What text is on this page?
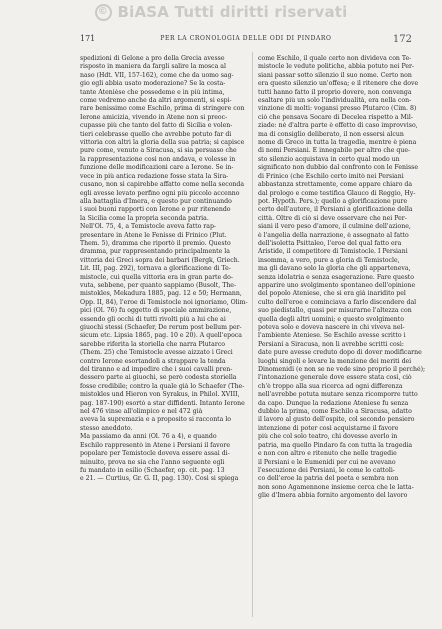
© BiASA Tutti diritti riservati
171	PER LA CRONOLOGIA DELLE ODI DI PINDARO	172
spedizioni di Gelone a pro della Grecia avesse
risposto in maniera da fargli salire la mosca al
naso (Hdt. VII, 157-162), come che da uomo sag-
gio egli abbia usato moderazione? Se la costa-
tante Atenièse che possedeme e in più intima,
come vedremo anche da altri argomenti, si espi-
rare benissimo come Eschilo, prima di stringere con
Ierone amicizia, vivendo in Atene non si preoc-
cupasse più che tanto del fatto di Sicilia e volen-
tieri celebrasse quello che avrebbe potuto far di
vittoria con altri la gloria della sua patria; si capisce
pure come, venuto a Siracusa, si sia persuaso che
la rappresentazione così non andava, e volesse in
funzione delle modificazioni care a Ierone. Se in-
vece in più antica redazione fosse stata la Sira-
cusano, non si capirebbe affatto come nella seconda
egli avesse levato perfino ogni più piccolo accenno
alla battaglia d'Imera, e questo pur continuando
i suoi buoni rapporti con Ierone e pur ritenendo
la Sicilia come la propria seconda patria.
Nell'Ol. 75, 4, a Temistocle aveva fatto rap-
presentare in Atene le Fenisse di Frinico (Plut.
Them. 5), dramma che riportò il premio. Questo
dramma, pur rappresentando principalmente la
vittoria dei Greci sopra dei barbari (Bergk, Griech.
Lit. III, pag. 292), tornava a glorificazione di Te-
mistocle, cui quella vittoria era in gran parte do-
vuta, sebbene, per quanto sappiamo (Busolt, The-
mistokles, Mekadura 1885, pag. 12 e 50; Hermann,
Opp. II, 84), l'eroe di Temistocle noi ignoriamo, Olim-
pici (Ol. 76) fu oggetto di speciale ammirazione,
essendo gli occhi di tutti rivolti più a lui che ai
giuochi stessi (Schaefer, De rerum post bellum per-
sicum etc. Lipsia 1865, pag. 10 e 20). A quell'epoca
sarebbe riferita la storiella che narra Plutarco
(Them. 25) che Temistocle avesse aizzato i Greci
contro Ierone esortandoli a strappare la tenda
del tiranno e ad impedire che i suoi cavalli pren-
dessero parte ai giuochi, se però codesta storiella
fosse credibile; contro la quale già lo Schaefer (The-
mistokles und Hieron von Syrakus, in Philol. XVIII,
pag. 187-190) esortò a star diffidenti. Intanto Ierone
nel 476 vinse all'olimpico e nel 472 già
aveva la supremazia e a proposito si racconta lo
stesso aneddoto.
Ma passiamo da anni (Ol. 76 a 4), e quando
Eschilo rappresentò in Atene i Persiani il favore
popolare per Temistocle doveva essere assai di-
minuito, prova ne sia che l'anno seguente egli
fu mandato in esilio (Schaefer, op. cit. pag. 13
e 21. — Curtius, Gr. G. II, pag. 130). Così si spiega
come Eschilo, il quale certo non divideva con Te-
mistocle le vedute politiche, abbia potuto nei Per-
siani passar sotto silenzio il suo nome. Certo non
era questo silenzio un'offesa; e il ritenere che dove
tutti hanno fatto il proprio dovere, non convenga
esaltare più un solo l'individualità, era nella con-
vinzione di molti: vogansi presso Plutarco (Cim. 8)
ciò che pensava Socare di Decelea rispetto a Mil-
ziade: né d'altra parte è effetto di caso improvviso,
ma di consiglio deliberato, il non essersi alcun
nome di Greco in tutta la tragedia, mentre è piena
di nomi Persiani. È innegabile per altro che que-
sto silenzio acquistava in certo qual modo un
significato non dubbio dal confronto con le Fenisse
di Frinico (che Eschilo certo imitò nei Persiani
abbastanza strettamente, come appare chiaro da
dal prologo e come testifica Glauco di Reggio, Hy-
pot. Hypoth. Pers.); quello a glorificazione pure
certo dell'autore, il Persiani a glorificazione della
città. Oltre di ciò si deve osservare che nei Per-
siani il vero peso d'amore, il culmine dell'azione,
è l'angelia della narrazione, è assegnato al fatto
dell'isoletta Psittaleo, l'eroe del qual fatto era
Aristide, il competitore di Temistocle. I Persiani
insomma, a vero, pure a gloria di Temistocle,
ma gli davano solo la gloria che gli apparteneva,
senza idolatria e senza esagerazione. Fare questo
apparire uno svolgimento spontaneo dell'opinione
del popolo Ateniese, che si era già inaridito pel
culto dell'eroe e cominciava a farlo discendere dal
suo piedistallo, quasi per misurarne l'altezza con
quella degli altri uomini; e questo svolgimento
poteva solo e doveva nascere in chi viveva nel-
l'ambiente Ateniese. Se Eschilo avesse scritto i
Persiani a Siracusa, non li avrebbe scritti così:
date pure avesse creduto dopo di dover modificarne
luoghi singoli e levare la menzione dei meriti dei
Dinomenidi (e non se ne vede sino proprio il perché);
l'intonazione generale dove essere stata così, ciò
ch'è troppo alla sua ricerca ad ogni differenza
nell'avrebbe potuta mutare senza ricomporre tutto
da capo. Dunque la redazione Ateniese fu senza
dubbio la prima, come Eschilo a Siracusa, adatto
il lavoro al gusto dell'ospite, col secondo pensiero
intenzione di poter così acquistarne il favore
più che col solo teatro, chi dovesse averlo in
patria, ma quello Pindaro fa con tutta la tragedia
e non con altro e ritenuto che nelle tragedie
il Persiani e le Eumenidi per cui ne avevano
l'esecuzione dei Persiani, le come lo cattoli-
co dell'eroe la patria del poeta e sembra non
non sono Agamennone insieme cerca che le latta-
glie d'Imera abbia fornito argomento del lavoro
